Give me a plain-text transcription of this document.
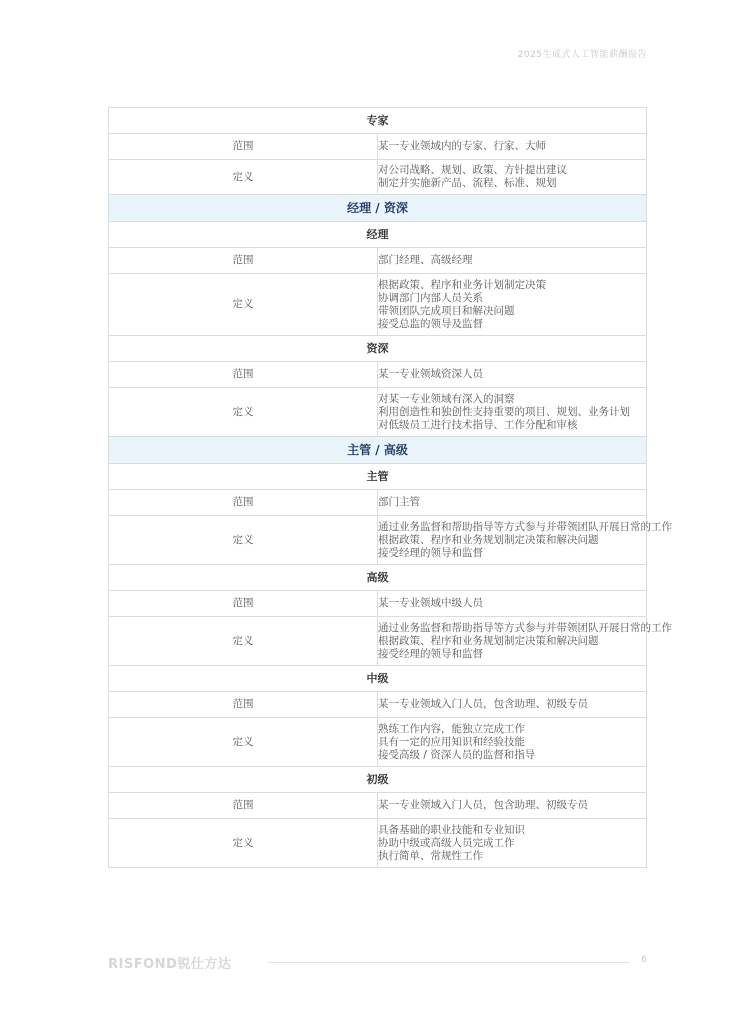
2025生成式人工智能薪酬报告
专家	
范围	某一专业领域内的专家、行家、大师

定义	对公司战略、规划、政策、方针提出建议
制定并实施新产品、流程、标准、规划

经理 / 资深	
经理	
范围	部门经理、高级经理

定义	根据政策、程序和业务计划制定决策
协调部门内部人员关系
带领团队完成项目和解决问题
接受总监的领导及监督

资深	
范围	某一专业领域资深人员

定义	对某一专业领域有深入的洞察
利用创造性和独创性支持重要的项目、规划、业务计划
对低级员工进行技术指导、工作分配和审核

主管 / 高级	
主管	
范围	部门主管

定义	通过业务监督和帮助指导等方式参与并带领团队开展日常的工作
根据政策、程序和业务规划制定决策和解决问题
接受经理的领导和监督

高级	
范围	某一专业领域中级人员

定义	通过业务监督和帮助指导等方式参与并带领团队开展日常的工作
根据政策、程序和业务规划制定决策和解决问题
接受经理的领导和监督

中级	
范围	某一专业领域入门人员，包含助理、初级专员

定义	熟练工作内容，能独立完成工作
具有一定的应用知识和经验技能
接受高级 / 资深人员的监督和指导

初级	
范围	某一专业领域入门人员，包含助理、初级专员

定义	具备基础的职业技能和专业知识
协助中级或高级人员完成工作
执行简单、常规性工作
RISFOND锐仕方达	6
